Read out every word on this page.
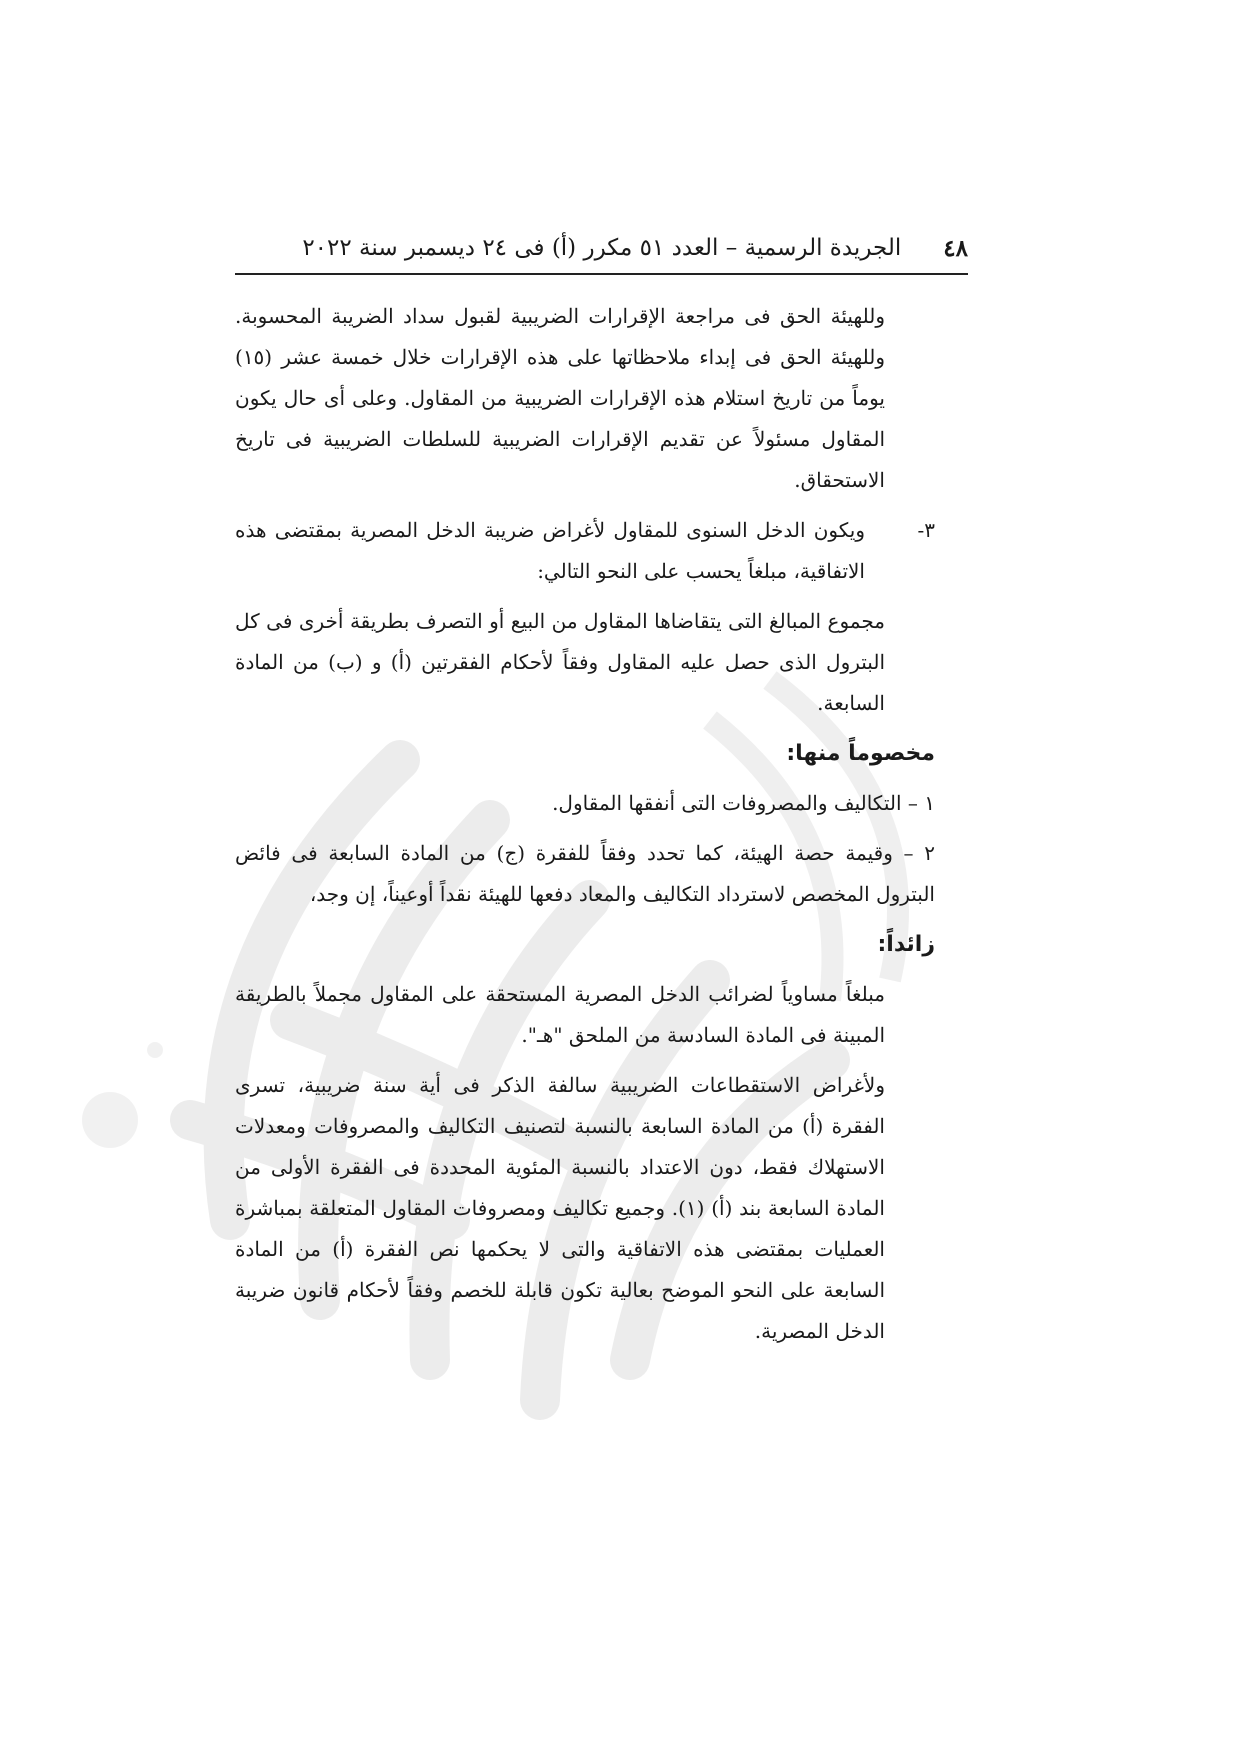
٤٨
الجريدة الرسمية – العدد ٥١ مكرر (أ) فى ٢٤ ديسمبر سنة ٢٠٢٢

وللهيئة الحق فى مراجعة الإقرارات الضريبية لقبول سداد الضريبة المحسوبة. وللهيئة الحق فى إبداء ملاحظاتها على هذه الإقرارات خلال خمسة عشر (١٥) يوماً من تاريخ استلام هذه الإقرارات الضريبية من المقاول. وعلى أى حال يكون المقاول مسئولاً عن تقديم الإقرارات الضريبية للسلطات الضريبية فى تاريخ الاستحقاق.

٣-
ويكون الدخل السنوى للمقاول لأغراض ضريبة الدخل المصرية بمقتضى هذه الاتفاقية، مبلغاً يحسب على النحو التالي:

مجموع المبالغ التى يتقاضاها المقاول من البيع أو التصرف بطريقة أخرى فى كل البترول الذى حصل عليه المقاول وفقاً لأحكام الفقرتين (أ) و (ب) من المادة السابعة.

مخصوماً منها:

١ – التكاليف والمصروفات التى أنفقها المقاول.

٢ – وقيمة حصة الهيئة، كما تحدد وفقاً للفقرة (ج) من المادة السابعة فى فائض البترول المخصص لاسترداد التكاليف والمعاد دفعها للهيئة نقداً أوعيناً، إن وجد،

زائداً:

مبلغاً مساوياً لضرائب الدخل المصرية المستحقة على المقاول مجملاً بالطريقة المبينة فى المادة السادسة من الملحق "هـ".

ولأغراض الاستقطاعات الضريبية سالفة الذكر فى أية سنة ضريبية، تسرى الفقرة (أ) من المادة السابعة بالنسبة لتصنيف التكاليف والمصروفات ومعدلات الاستهلاك فقط، دون الاعتداد بالنسبة المئوية المحددة فى الفقرة الأولى من المادة السابعة بند (أ) (١). وجميع تكاليف ومصروفات المقاول المتعلقة بمباشرة العمليات بمقتضى هذه الاتفاقية والتى لا يحكمها نص الفقرة (أ) من المادة السابعة على النحو الموضح بعالية تكون قابلة للخصم وفقاً لأحكام قانون ضريبة الدخل المصرية.
